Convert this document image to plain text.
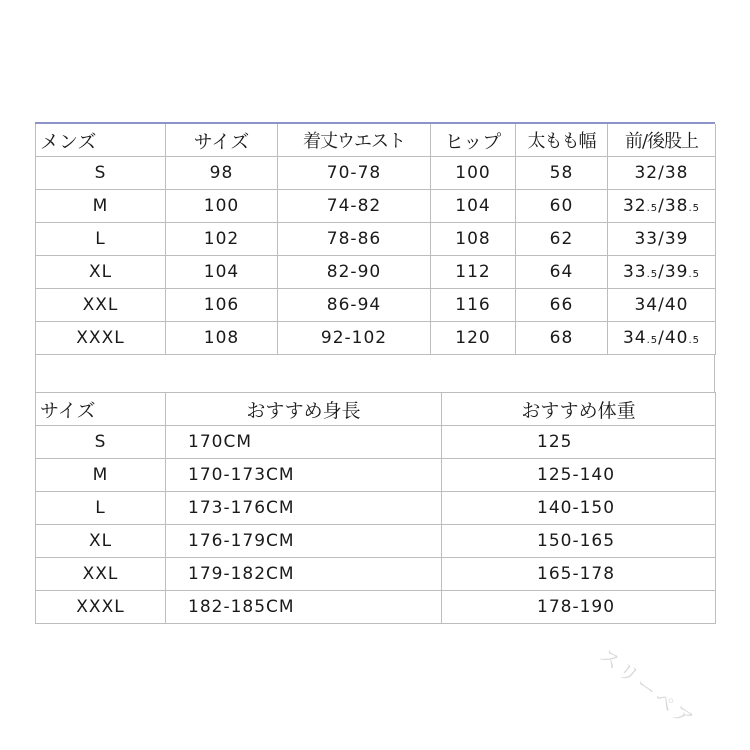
メンズ	サイズ	着丈ウエスト	ヒップ	太もも幅	前/後股上
S	98	70-78	100	58	32/38
M	100	74-82	104	60	32.5/38.5
L	102	78-86	108	62	33/39
XL	104	82-90	112	64	33.5/39.5
XXL	106	86-94	116	66	34/40
XXXL	108	92-102	120	68	34.5/40.5
サイズ	おすすめ身長	おすすめ体重
S	170CM	125
M	170-173CM	125-140
L	173-176CM	140-150
XL	176-179CM	150-165
XXL	179-182CM	165-178
XXXL	182-185CM	178-190
スリーペア
